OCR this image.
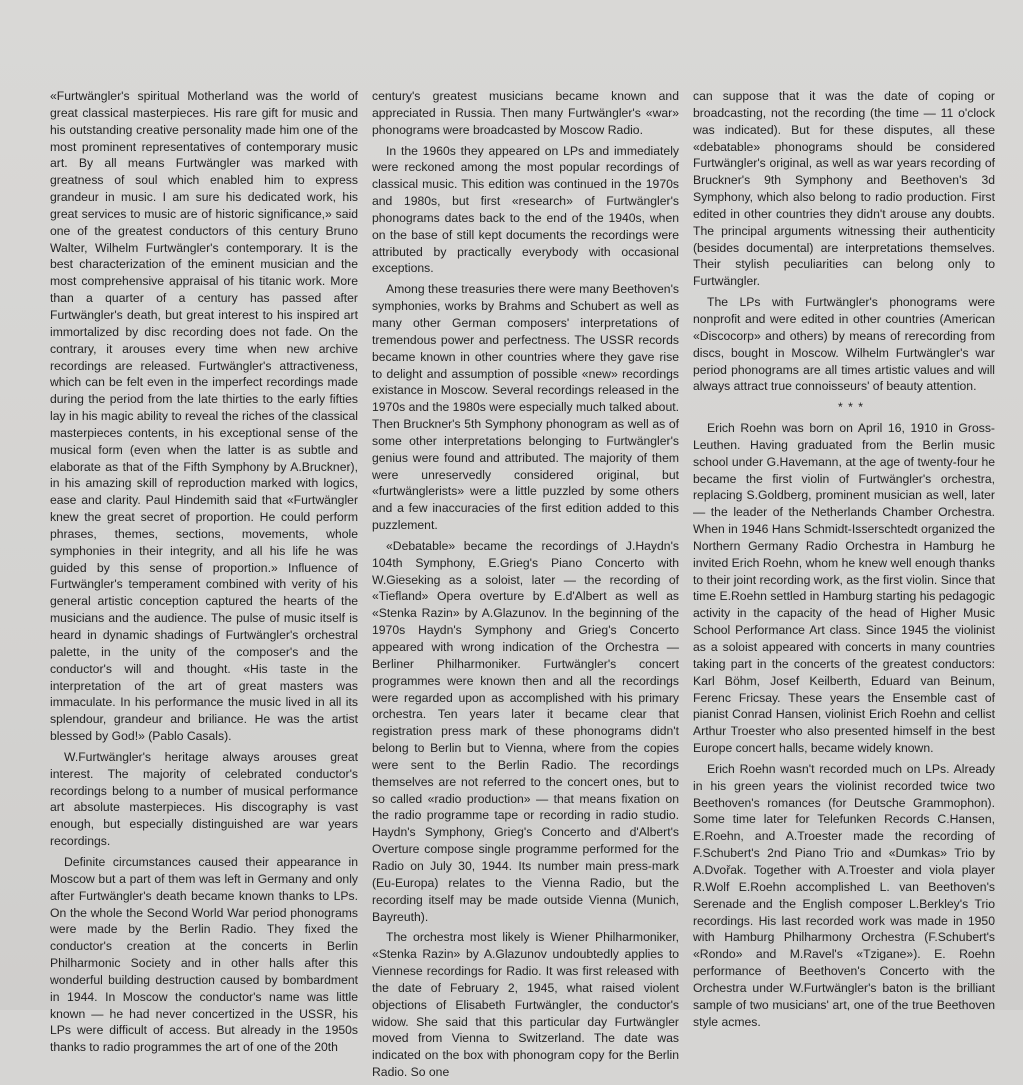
«Furtwängler's spiritual Motherland was the world of great classical masterpieces. His rare gift for music and his outstanding creative personality made him one of the most prominent representatives of contemporary music art. By all means Furtwängler was marked with greatness of soul which enabled him to express grandeur in music. I am sure his dedicated work, his great services to music are of historic significance,» said one of the greatest conductors of this century Bruno Walter, Wilhelm Furtwängler's contemporary. It is the best characterization of the eminent musician and the most comprehensive appraisal of his titanic work. More than a quarter of a century has passed after Furtwängler's death, but great interest to his inspired art immortalized by disc recording does not fade. On the contrary, it arouses every time when new archive recordings are released. Furtwängler's attractiveness, which can be felt even in the imperfect recordings made during the period from the late thirties to the early fifties lay in his magic ability to reveal the riches of the classical masterpieces contents, in his exceptional sense of the musical form (even when the latter is as subtle and elaborate as that of the Fifth Symphony by A.Bruckner), in his amazing skill of reproduction marked with logics, ease and clarity. Paul Hindemith said that «Furtwängler knew the great secret of proportion. He could perform phrases, themes, sections, movements, whole symphonies in their integrity, and all his life he was guided by this sense of proportion.» Influence of Furtwängler's temperament combined with verity of his general artistic conception captured the hearts of the musicians and the audience. The pulse of music itself is heard in dynamic shadings of Furtwängler's orchestral palette, in the unity of the composer's and the conductor's will and thought. «His taste in the interpretation of the art of great masters was immaculate. In his performance the music lived in all its splendour, grandeur and briliance. He was the artist blessed by God!» (Pablo Casals).

W.Furtwängler's heritage always arouses great interest. The majority of celebrated conductor's recordings belong to a number of musical performance art absolute masterpieces. His discography is vast enough, but especially distinguished are war years recordings.

Definite circumstances caused their appearance in Moscow but a part of them was left in Germany and only after Furtwängler's death became known thanks to LPs. On the whole the Second World War period phonograms were made by the Berlin Radio. They fixed the conductor's creation at the concerts in Berlin Philharmonic Society and in other halls after this wonderful building destruction caused by bombardment in 1944. In Moscow the conductor's name was little known — he had never concertized in the USSR, his LPs were difficult of access. But already in the 1950s thanks to radio programmes the art of one of the 20th

century's greatest musicians became known and appreciated in Russia. Then many Furtwängler's «war» phonograms were broadcasted by Moscow Radio.

In the 1960s they appeared on LPs and immediately were reckoned among the most popular recordings of classical music. This edition was continued in the 1970s and 1980s, but first «research» of Furtwängler's phonograms dates back to the end of the 1940s, when on the base of still kept documents the recordings were attributed by practically everybody with occasional exceptions.

Among these treasuries there were many Beethoven's symphonies, works by Brahms and Schubert as well as many other German composers' interpretations of tremendous power and perfectness. The USSR records became known in other countries where they gave rise to delight and assumption of possible «new» recordings existance in Moscow. Several recordings released in the 1970s and the 1980s were especially much talked about. Then Bruckner's 5th Symphony phonogram as well as of some other interpretations belonging to Furtwängler's genius were found and attributed. The majority of them were unreservedly considered original, but «furtwänglerists» were a little puzzled by some others and a few inaccuracies of the first edition added to this puzzlement.

«Debatable» became the recordings of J.Haydn's 104th Symphony, E.Grieg's Piano Concerto with W.Gieseking as a soloist, later — the recording of «Tiefland» Opera overture by E.d'Albert as well as «Stenka Razin» by A.Glazunov. In the beginning of the 1970s Haydn's Symphony and Grieg's Concerto appeared with wrong indication of the Orchestra — Berliner Philharmoniker. Furtwängler's concert programmes were known then and all the recordings were regarded upon as accomplished with his primary orchestra. Ten years later it became clear that registration press mark of these phonograms didn't belong to Berlin but to Vienna, where from the copies were sent to the Berlin Radio. The recordings themselves are not referred to the concert ones, but to so called «radio production» — that means fixation on the radio programme tape or recording in radio studio. Haydn's Symphony, Grieg's Concerto and d'Albert's Overture compose single programme performed for the Radio on July 30, 1944. Its number main press-mark (Eu-Europa) relates to the Vienna Radio, but the recording itself may be made outside Vienna (Munich, Bayreuth).

The orchestra most likely is Wiener Philharmoniker, «Stenka Razin» by A.Glazunov undoubtedly applies to Viennese recordings for Radio. It was first released with the date of February 2, 1945, what raised violent objections of Elisabeth Furtwängler, the conductor's widow. She said that this particular day Furtwängler moved from Vienna to Switzerland. The date was indicated on the box with phonogram copy for the Berlin Radio. So one

can suppose that it was the date of coping or broadcasting, not the recording (the time — 11 o'clock was indicated). But for these disputes, all these «debatable» phonograms should be considered Furtwängler's original, as well as war years recording of Bruckner's 9th Symphony and Beethoven's 3d Symphony, which also belong to radio production. First edited in other countries they didn't arouse any doubts. The principal arguments witnessing their authenticity (besides documental) are interpretations themselves. Their stylish peculiarities can belong only to Furtwängler.

The LPs with Furtwängler's phonograms were nonprofit and were edited in other countries (American «Discocorp» and others) by means of rerecording from discs, bought in Moscow. Wilhelm Furtwängler's war period phonograms are all times artistic values and will always attract true connoisseurs' of beauty attention.

* * *

Erich Roehn was born on April 16, 1910 in Gross-Leuthen. Having graduated from the Berlin music school under G.Havemann, at the age of twenty-four he became the first violin of Furtwängler's orchestra, replacing S.Goldberg, prominent musician as well, later — the leader of the Netherlands Chamber Orchestra. When in 1946 Hans Schmidt-Isserschtedt organized the Northern Germany Radio Orchestra in Hamburg he invited Erich Roehn, whom he knew well enough thanks to their joint recording work, as the first violin. Since that time E.Roehn settled in Hamburg starting his pedagogic activity in the capacity of the head of Higher Music School Performance Art class. Since 1945 the violinist as a soloist appeared with concerts in many countries taking part in the concerts of the greatest conductors: Karl Böhm, Josef Keilberth, Eduard van Beinum, Ferenc Fricsay. These years the Ensemble cast of pianist Conrad Hansen, violinist Erich Roehn and cellist Arthur Troester who also presented himself in the best Europe concert halls, became widely known.

Erich Roehn wasn't recorded much on LPs. Already in his green years the violinist recorded twice two Beethoven's romances (for Deutsche Grammophon). Some time later for Telefunken Records C.Hansen, E.Roehn, and A.Troester made the recording of F.Schubert's 2nd Piano Trio and «Dumkas» Trio by A.Dvořak. Together with A.Troester and viola player R.Wolf E.Roehn accomplished L. van Beethoven's Serenade and the English composer L.Berkley's Trio recordings. His last recorded work was made in 1950 with Hamburg Philharmony Orchestra (F.Schubert's «Rondo» and M.Ravel's «Tzigane»). E. Roehn performance of Beethoven's Concerto with the Orchestra under W.Furtwängler's baton is the brilliant sample of two musicians' art, one of the true Beethoven style acmes.
